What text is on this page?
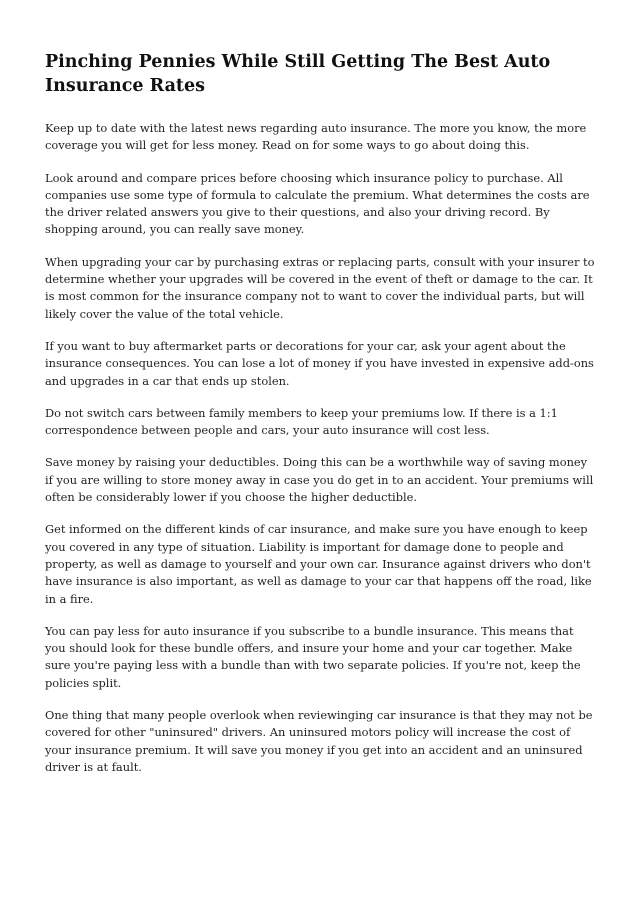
Pinching Pennies While Still Getting The Best Auto Insurance Rates

Keep up to date with the latest news regarding auto insurance. The more you know, the more coverage you will get for less money. Read on for some ways to go about doing this.

Look around and compare prices before choosing which insurance policy to purchase. All companies use some type of formula to calculate the premium. What determines the costs are the driver related answers you give to their questions, and also your driving record. By shopping around, you can really save money.

When upgrading your car by purchasing extras or replacing parts, consult with your insurer to determine whether your upgrades will be covered in the event of theft or damage to the car. It is most common for the insurance company not to want to cover the individual parts, but will likely cover the value of the total vehicle.

If you want to buy aftermarket parts or decorations for your car, ask your agent about the insurance consequences. You can lose a lot of money if you have invested in expensive add-ons and upgrades in a car that ends up stolen.

Do not switch cars between family members to keep your premiums low. If there is a 1:1 correspondence between people and cars, your auto insurance will cost less.

Save money by raising your deductibles. Doing this can be a worthwhile way of saving money if you are willing to store money away in case you do get in to an accident. Your premiums will often be considerably lower if you choose the higher deductible.

Get informed on the different kinds of car insurance, and make sure you have enough to keep you covered in any type of situation. Liability is important for damage done to people and property, as well as damage to yourself and your own car. Insurance against drivers who don't have insurance is also important, as well as damage to your car that happens off the road, like in a fire.

You can pay less for auto insurance if you subscribe to a bundle insurance. This means that you should look for these bundle offers, and insure your home and your car together. Make sure you're paying less with a bundle than with two separate policies. If you're not, keep the policies split.

One thing that many people overlook when reviewinging car insurance is that they may not be covered for other "uninsured" drivers. An uninsured motors policy will increase the cost of your insurance premium. It will save you money if you get into an accident and an uninsured driver is at fault.
